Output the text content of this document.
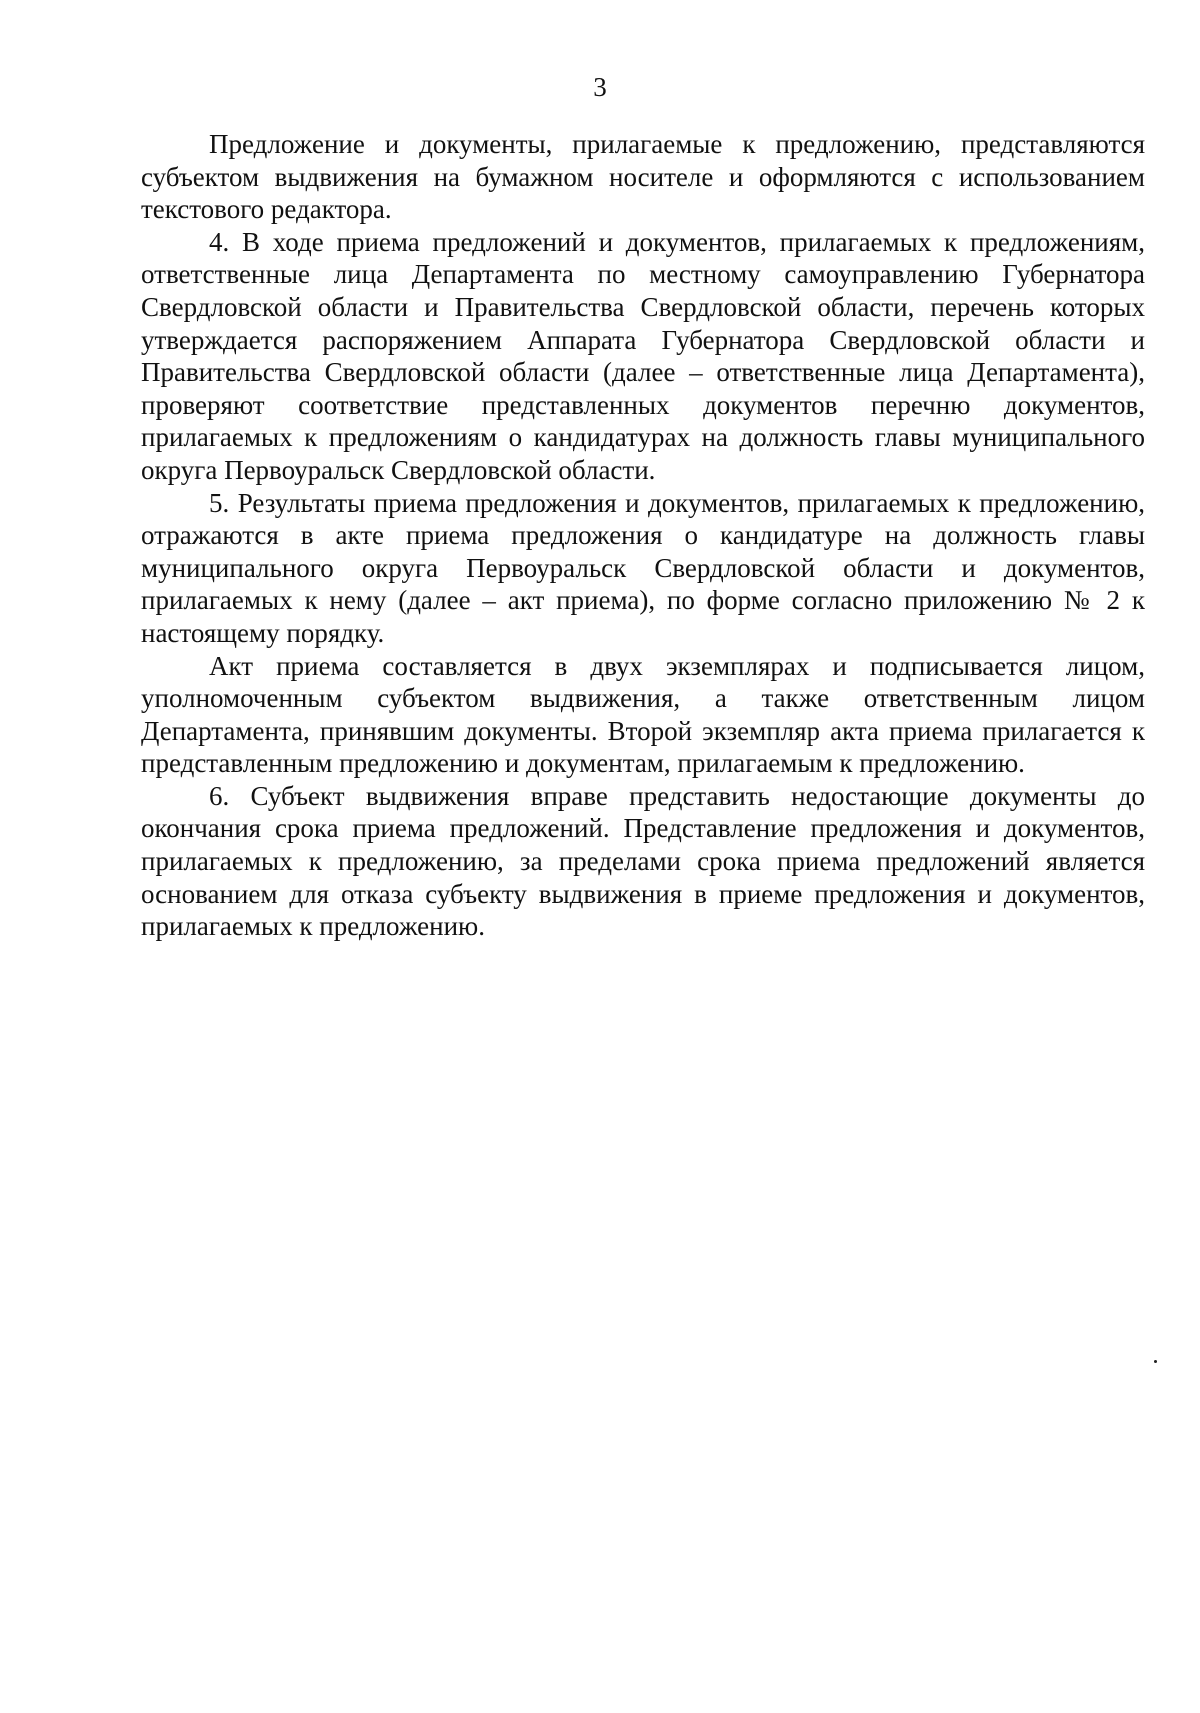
3

Предложение и документы, прилагаемые к предложению, представляются субъектом выдвижения на бумажном носителе и оформляются с использованием текстового редактора.

4. В ходе приема предложений и документов, прилагаемых к предложениям, ответственные лица Департамента по местному самоуправлению Губернатора Свердловской области и Правительства Свердловской области, перечень которых утверждается распоряжением Аппарата Губернатора Свердловской области и Правительства Свердловской области (далее – ответственные лица Департамента), проверяют соответствие представленных документов перечню документов, прилагаемых к предложениям о кандидатурах на должность главы муниципального округа Первоуральск Свердловской области.

5. Результаты приема предложения и документов, прилагаемых к предложению, отражаются в акте приема предложения о кандидатуре на должность главы муниципального округа Первоуральск Свердловской области и документов, прилагаемых к нему (далее – акт приема), по форме согласно приложению № 2 к настоящему порядку.

Акт приема составляется в двух экземплярах и подписывается лицом, уполномоченным субъектом выдвижения, а также ответственным лицом Департамента, принявшим документы. Второй экземпляр акта приема прилагается к представленным предложению и документам, прилагаемым к предложению.

6. Субъект выдвижения вправе представить недостающие документы до окончания срока приема предложений. Представление предложения и документов, прилагаемых к предложению, за пределами срока приема предложений является основанием для отказа субъекту выдвижения в приеме предложения и документов, прилагаемых к предложению.
